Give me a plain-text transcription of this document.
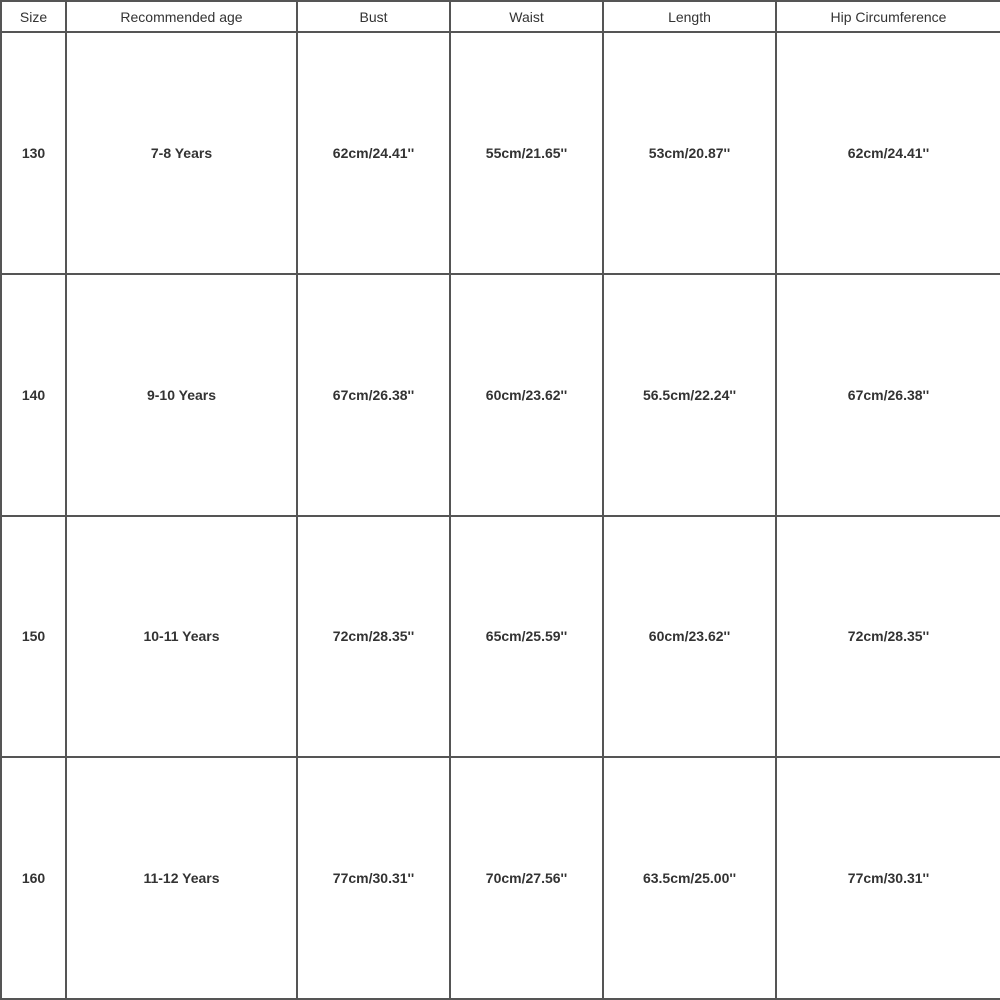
Size	Recommended age	Bust	Waist	Length	Hip Circumference
130	7-8 Years	62cm/24.41''	55cm/21.65''	53cm/20.87''	62cm/24.41''
140	9-10 Years	67cm/26.38''	60cm/23.62''	56.5cm/22.24''	67cm/26.38''
150	10-11 Years	72cm/28.35''	65cm/25.59''	60cm/23.62''	72cm/28.35''
160	11-12 Years	77cm/30.31''	70cm/27.56''	63.5cm/25.00''	77cm/30.31''
